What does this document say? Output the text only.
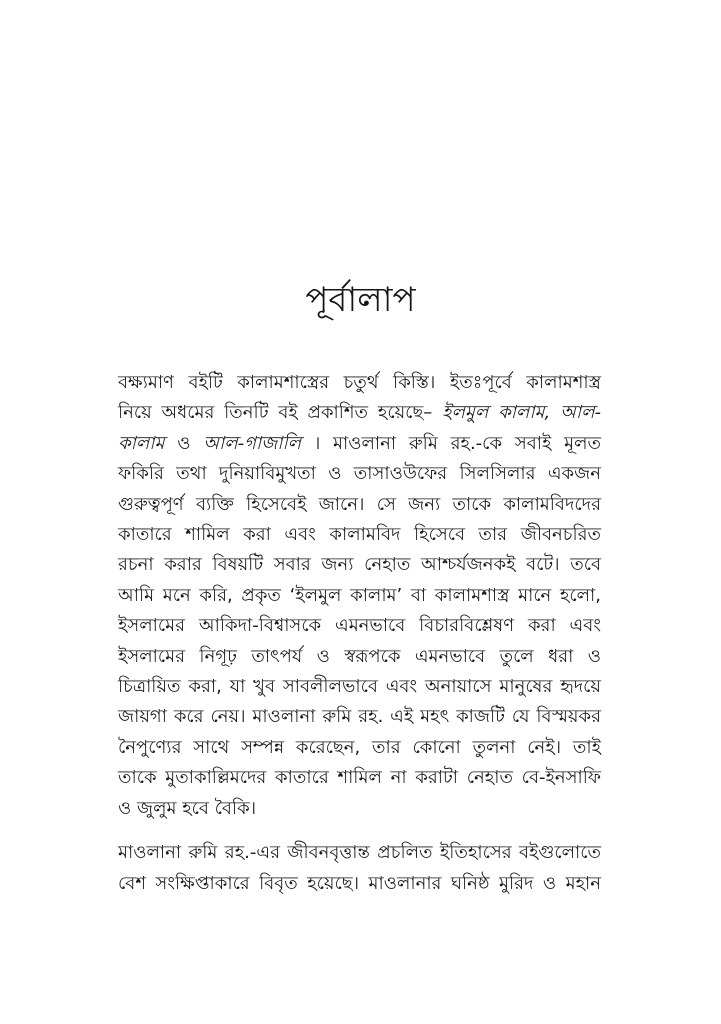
পূর্বালাপ

বক্ষ্যমাণ বইটি কালামশাস্ত্রের চতুর্থ কিস্তি। ইতঃপূর্বে কালামশাস্ত্র
নিয়ে অধমের তিনটি বই প্রকাশিত হয়েছে– ইলমুল কালাম, আল-
কালাম ও আল-গাজালি । মাওলানা রুমি রহ.-কে সবাই মূলত
ফকিরি তথা দুনিয়াবিমুখতা ও তাসাওউফের সিলসিলার একজন
গুরুত্বপূর্ণ ব্যক্তি হিসেবেই জানে। সে জন্য তাকে কালামবিদদের
কাতারে শামিল করা এবং কালামবিদ হিসেবে তার জীবনচরিত
রচনা করার বিষয়টি সবার জন্য নেহাত আশ্চর্যজনকই বটে। তবে
আমি মনে করি, প্রকৃত ‘ইলমুল কালাম’ বা কালামশাস্ত্র মানে হলো,
ইসলামের আকিদা-বিশ্বাসকে এমনভাবে বিচারবিশ্লেষণ করা এবং
ইসলামের নিগূঢ় তাৎপর্য ও স্বরূপকে এমনভাবে তুলে ধরা ও
চিত্রায়িত করা, যা খুব সাবলীলভাবে এবং অনায়াসে মানুষের হৃদয়ে
জায়গা করে নেয়। মাওলানা রুমি রহ. এই মহৎ কাজটি যে বিস্ময়কর
নৈপুণ্যের সাথে সম্পন্ন করেছেন, তার কোনো তুলনা নেই। তাই
তাকে মুতাকাল্লিমদের কাতারে শামিল না করাটা নেহাত বে-ইনসাফি
ও জুলুম হবে বৈকি।

মাওলানা রুমি রহ.-এর জীবনবৃত্তান্ত প্রচলিত ইতিহাসের বইগুলোতে
বেশ সংক্ষিপ্তাকারে বিবৃত হয়েছে। মাওলানার ঘনিষ্ঠ মুরিদ ও মহান
